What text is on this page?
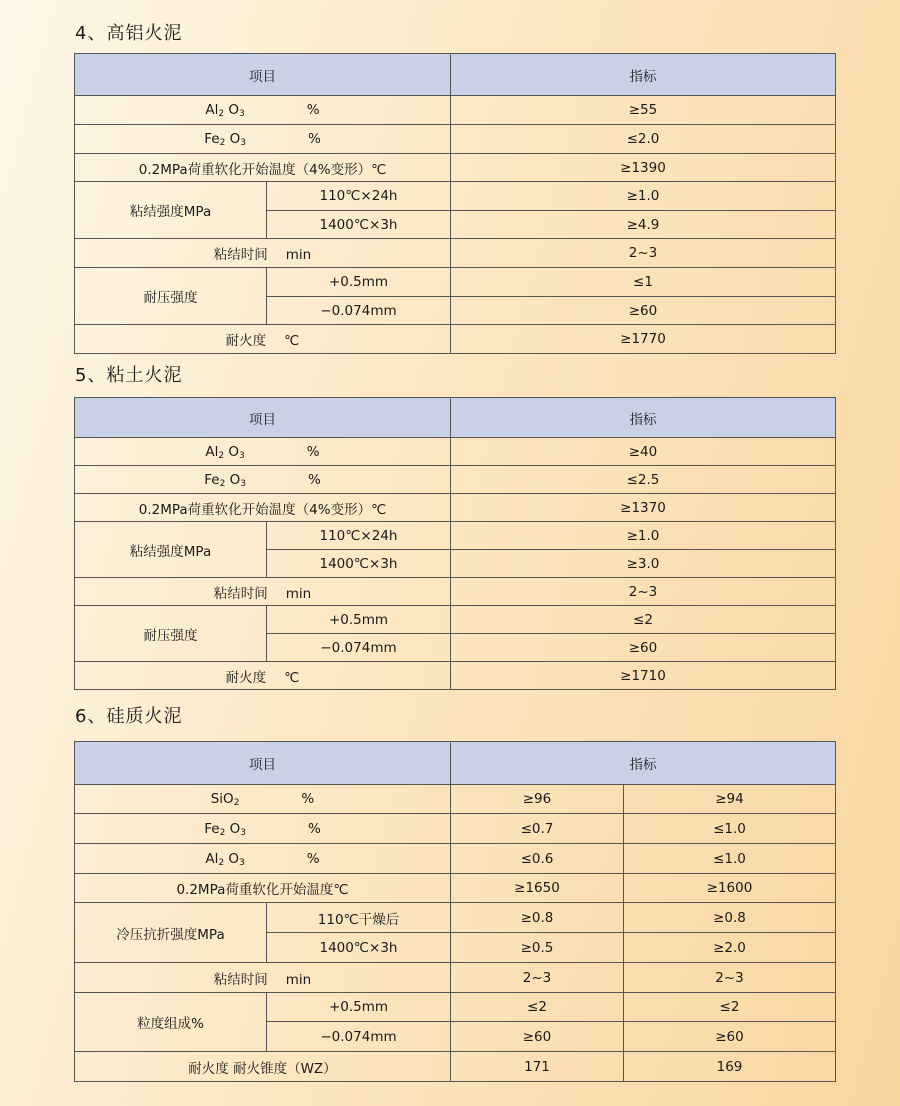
4、高铝火泥
项目		指标
$Al_2$ $O_3$ %		≥55
$Fe_2$ $O_3$ %		≤2.0
0.2MPa荷重软化开始温度（4%变形）℃		≥1390
粘结强度MPa	110℃×24h	≥1.0
	1400℃×3h	≥4.9
粘结时间 min		2~3
耐压强度	+0.5mm	≤1
	−0.074mm	≥60
耐火度 ℃		≥1770
5、粘土火泥
项目		指标
$Al_2$ $O_3$ %		≥40
$Fe_2$ $O_3$ %		≤2.5
0.2MPa荷重软化开始温度（4%变形）℃		≥1370
粘结强度MPa	110℃×24h	≥1.0
	1400℃×3h	≥3.0
粘结时间 min		2~3
耐压强度	+0.5mm	≤2
	−0.074mm	≥60
耐火度 ℃		≥1710
6、硅质火泥
项目		指标	
SiO$_2$ %		≥96	≥94
$Fe_2$ $O_3$ %		≤0.7	≤1.0
$Al_2$ $O_3$ %		≤0.6	≤1.0
0.2MPa荷重软化开始温度℃		≥1650	≥1600
冷压抗折强度MPa	110℃干燥后	≥0.8	≥0.8
	1400℃×3h	≥0.5	≥2.0
粘结时间 min		2~3	2~3
粒度组成%	+0.5mm	≤2	≤2
	−0.074mm	≥60	≥60
耐火度 耐火锥度（WZ）		171	169
